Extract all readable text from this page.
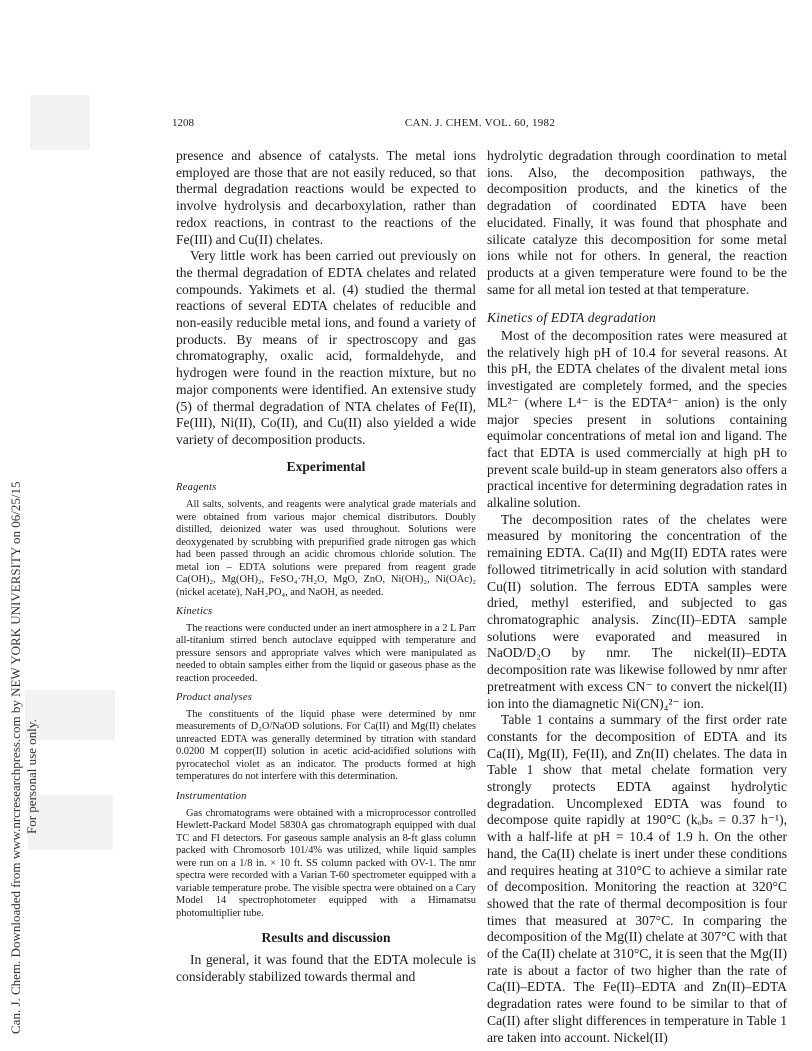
Can. J. Chem. Downloaded from www.nrcresearchpress.com by NEW YORK UNIVERSITY on 06/25/15 For personal use only.
1208	CAN. J. CHEM. VOL. 60, 1982

presence and absence of catalysts. The metal ions employed are those that are not easily reduced, so that thermal degradation reactions would be expected to involve hydrolysis and decarboxylation, rather than redox reactions, in contrast to the reactions of the Fe(III) and Cu(II) chelates.

Very little work has been carried out previously on the thermal degradation of EDTA chelates and related compounds. Yakimets et al. (4) studied the thermal reactions of several EDTA chelates of reducible and non-easily reducible metal ions, and found a variety of products. By means of ir spectroscopy and gas chromatography, oxalic acid, formaldehyde, and hydrogen were found in the reaction mixture, but no major components were identified. An extensive study (5) of thermal degradation of NTA chelates of Fe(II), Fe(III), Ni(II), Co(II), and Cu(II) also yielded a wide variety of decomposition products.

Experimental
Reagents

All salts, solvents, and reagents were analytical grade materials and were obtained from various major chemical distributors. Doubly distilled, deionized water was used throughout. Solutions were deoxygenated by scrubbing with prepurified grade nitrogen gas which had been passed through an acidic chromous chloride solution. The metal ion – EDTA solutions were prepared from reagent grade Ca(OH)₂, Mg(OH)₂, FeSO₄·7H₂O, MgO, ZnO, Ni(OH)₂, Ni(OAc)₂ (nickel acetate), NaH₂PO₄, and NaOH, as needed.

Kinetics

The reactions were conducted under an inert atmosphere in a 2 L Parr all-titanium stirred bench autoclave equipped with temperature and pressure sensors and appropriate valves which were manipulated as needed to obtain samples either from the liquid or gaseous phase as the reaction proceeded.

Product analyses

The constituents of the liquid phase were determined by nmr measurements of D₂O/NaOD solutions. For Ca(II) and Mg(II) chelates unreacted EDTA was generally determined by titration with standard 0.0200 M copper(II) solution in acetic acid-acidified solutions with pyrocatechol violet as an indicator. The products formed at high temperatures do not interfere with this determination.

Instrumentation

Gas chromatograms were obtained with a microprocessor controlled Hewlett-Packard Model 5830A gas chromatograph equipped with dual TC and FI detectors. For gaseous sample analysis an 8-ft glass column packed with Chromosorb 101/4% was utilized, while liquid samples were run on a 1/8 in. × 10 ft. SS column packed with OV-1. The nmr spectra were recorded with a Varian T-60 spectrometer equipped with a variable temperature probe. The visible spectra were obtained on a Cary Model 14 spectrophotometer equipped with a Himamatsu photomultiplier tube.

Results and discussion

In general, it was found that the EDTA molecule is considerably stabilized towards thermal and

hydrolytic degradation through coordination to metal ions. Also, the decomposition pathways, the decomposition products, and the kinetics of the degradation of coordinated EDTA have been elucidated. Finally, it was found that phosphate and silicate catalyze this decomposition for some metal ions while not for others. In general, the reaction products at a given temperature were found to be the same for all metal ion tested at that temperature.

Kinetics of EDTA degradation

Most of the decomposition rates were measured at the relatively high pH of 10.4 for several reasons. At this pH, the EDTA chelates of the divalent metal ions investigated are completely formed, and the species ML²⁻ (where L⁴⁻ is the EDTA⁴⁻ anion) is the only major species present in solutions containing equimolar concentrations of metal ion and ligand. The fact that EDTA is used commercially at high pH to prevent scale build-up in steam generators also offers a practical incentive for determining degradation rates in alkaline solution.

The decomposition rates of the chelates were measured by monitoring the concentration of the remaining EDTA. Ca(II) and Mg(II) EDTA rates were followed titrimetrically in acid solution with standard Cu(II) solution. The ferrous EDTA samples were dried, methyl esterified, and subjected to gas chromatographic analysis. Zinc(II)–EDTA sample solutions were evaporated and measured in NaOD/D₂O by nmr. The nickel(II)–EDTA decomposition rate was likewise followed by nmr after pretreatment with excess CN⁻ to convert the nickel(II) ion into the diamagnetic Ni(CN)₄²⁻ ion.

Table 1 contains a summary of the first order rate constants for the decomposition of EDTA and its Ca(II), Mg(II), Fe(II), and Zn(II) chelates. The data in Table 1 show that metal chelate formation very strongly protects EDTA against hydrolytic degradation. Uncomplexed EDTA was found to decompose quite rapidly at 190°C (kₒbₛ = 0.37 h⁻¹), with a half-life at pH = 10.4 of 1.9 h. On the other hand, the Ca(II) chelate is inert under these conditions and requires heating at 310°C to achieve a similar rate of decomposition. Monitoring the reaction at 320°C showed that the rate of thermal decomposition is four times that measured at 307°C. In comparing the decomposition of the Mg(II) chelate at 307°C with that of the Ca(II) chelate at 310°C, it is seen that the Mg(II) rate is about a factor of two higher than the rate of Ca(II)–EDTA. The Fe(II)–EDTA and Zn(II)–EDTA degradation rates were found to be similar to that of Ca(II) after slight differences in temperature in Table 1 are taken into account. Nickel(II)
